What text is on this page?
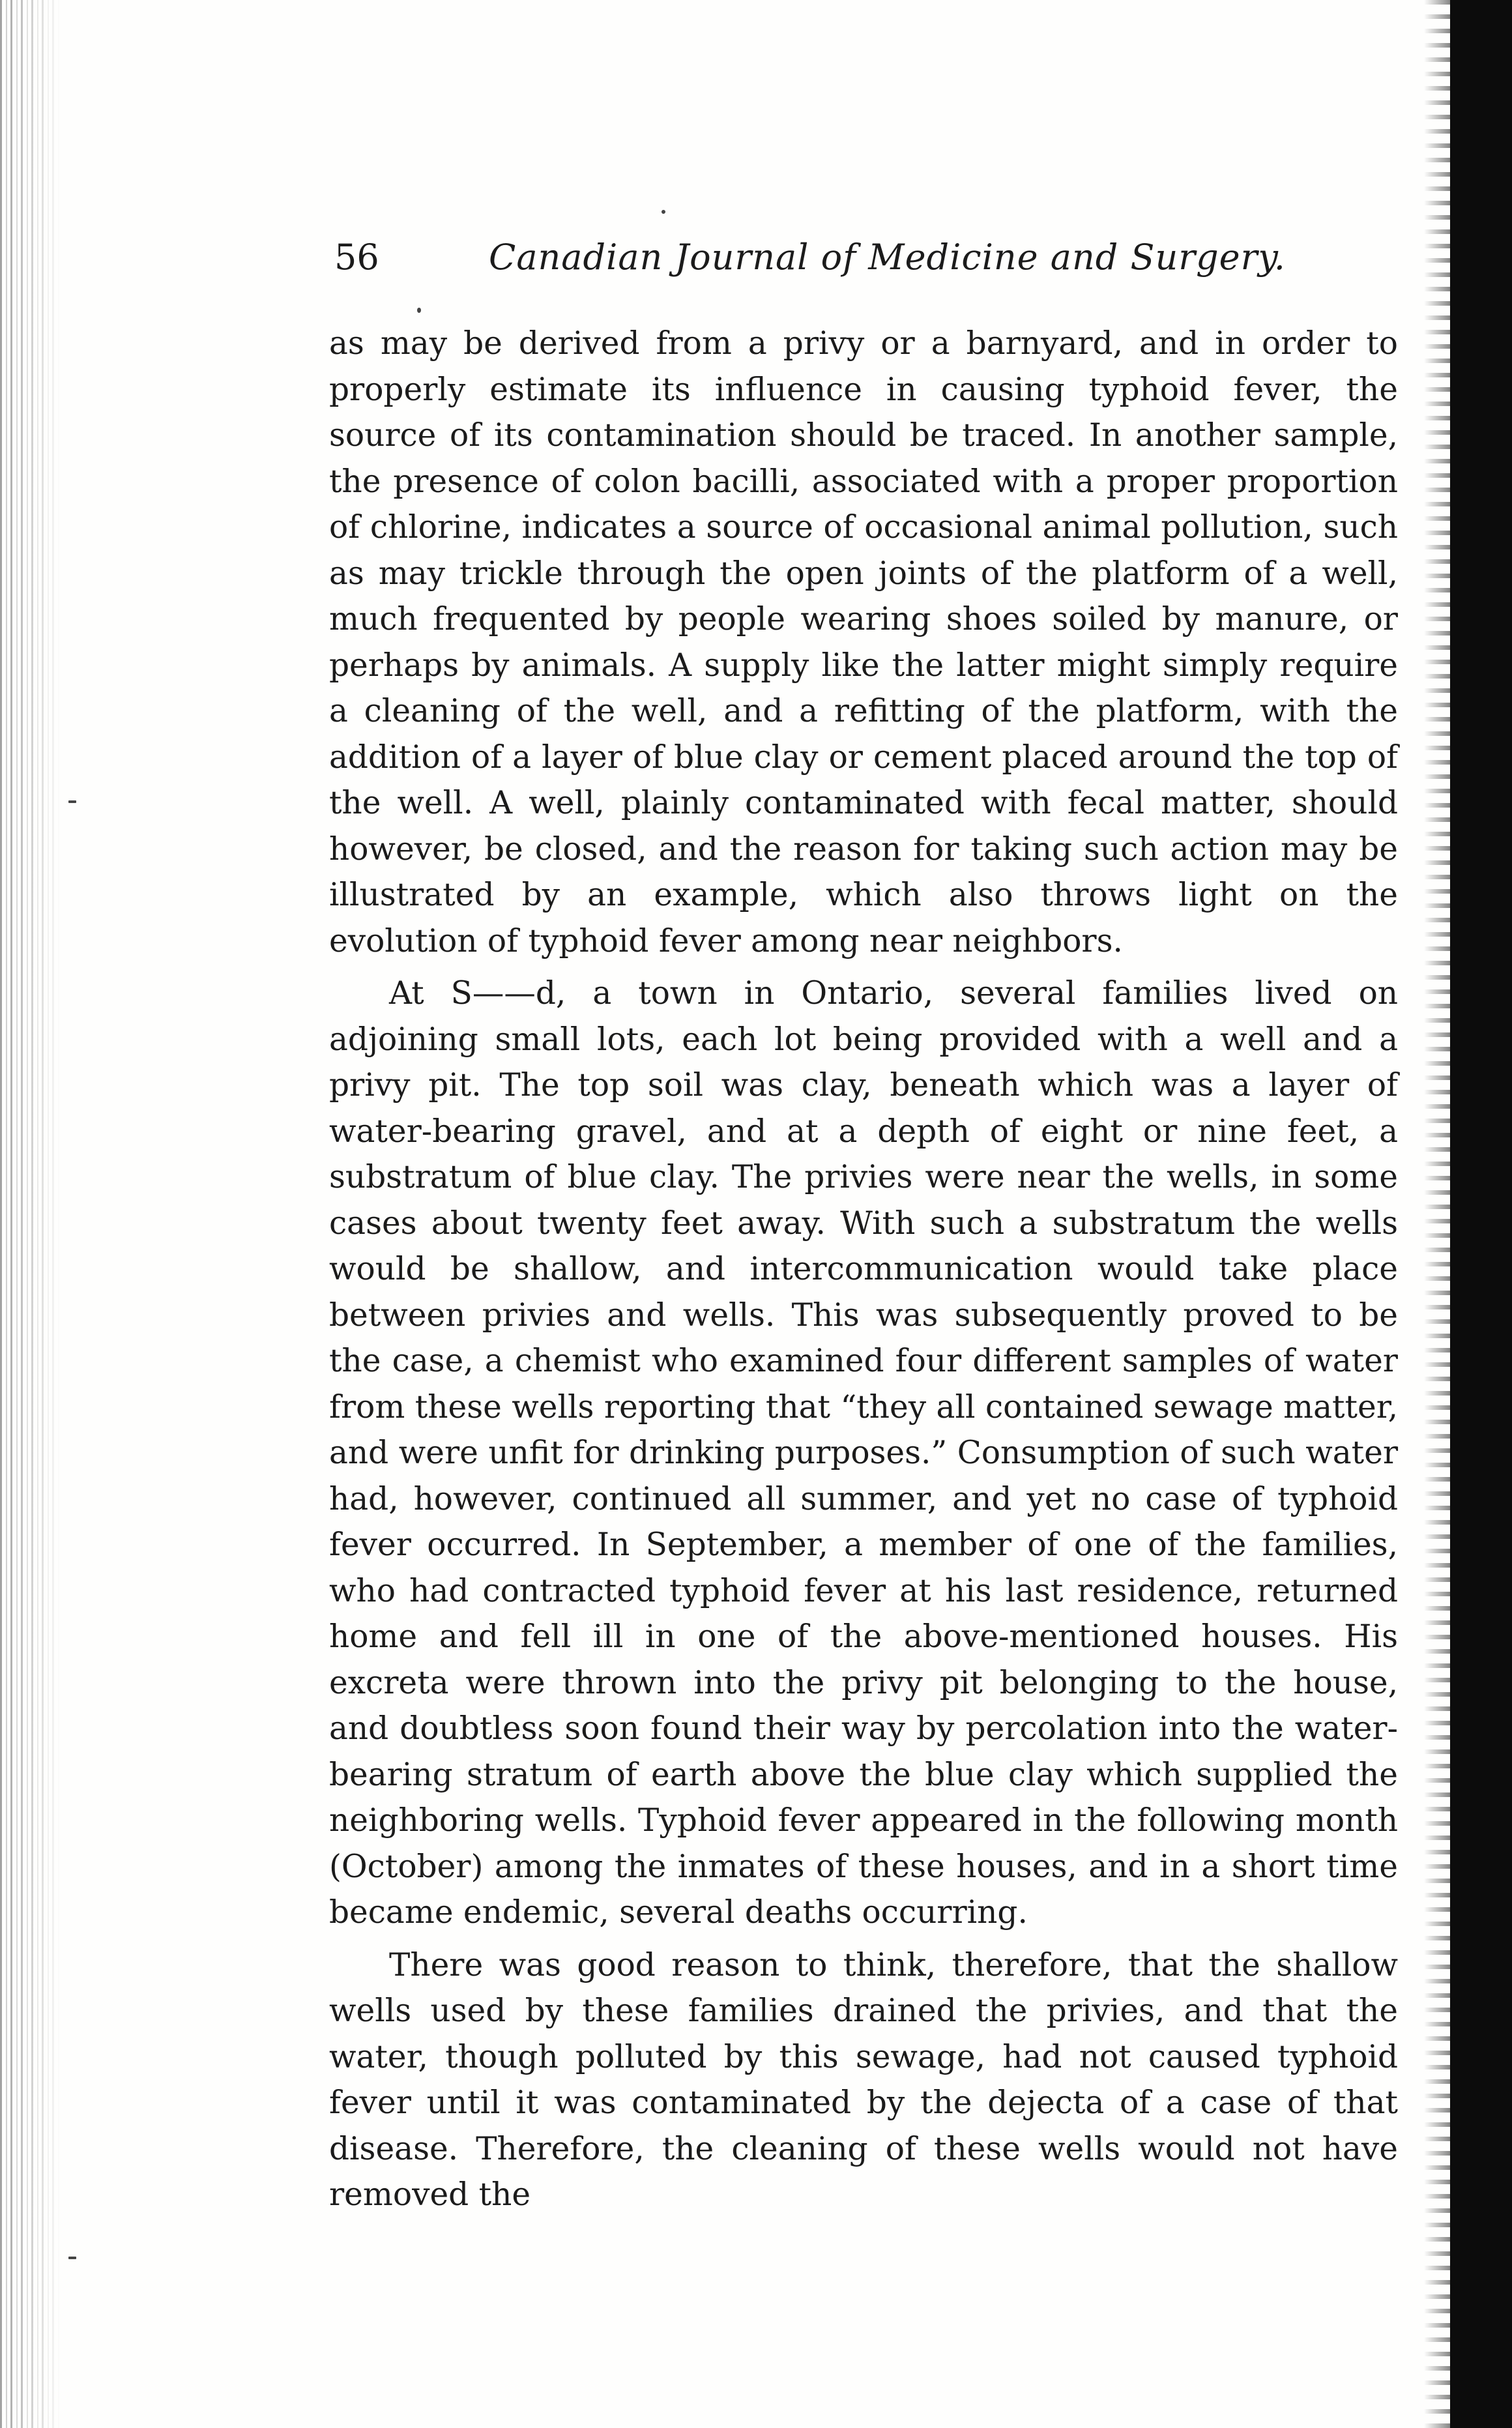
56	Canadian Journal of Medicine and Surgery.

as may be derived from a privy or a barnyard, and in order to properly estimate its influence in causing typhoid fever, the source of its contamination should be traced. In another sample, the presence of colon bacilli, associated with a proper proportion of chlorine, indicates a source of occasional animal pollution, such as may trickle through the open joints of the platform of a well, much frequented by people wearing shoes soiled by manure, or perhaps by animals. A supply like the latter might simply require a cleaning of the well, and a refitting of the platform, with the addition of a layer of blue clay or cement placed around the top of the well. A well, plainly contaminated with fecal matter, should however, be closed, and the reason for taking such action may be illustrated by an example, which also throws light on the evolution of typhoid fever among near neighbors.

At S——d, a town in Ontario, several families lived on adjoining small lots, each lot being provided with a well and a privy pit. The top soil was clay, beneath which was a layer of water-bearing gravel, and at a depth of eight or nine feet, a substratum of blue clay. The privies were near the wells, in some cases about twenty feet away. With such a substratum the wells would be shallow, and intercommunication would take place between privies and wells. This was subsequently proved to be the case, a chemist who examined four different samples of water from these wells reporting that “they all contained sewage matter, and were unfit for drinking purposes.” Consumption of such water had, however, continued all summer, and yet no case of typhoid fever occurred. In September, a member of one of the families, who had contracted typhoid fever at his last residence, returned home and fell ill in one of the above-mentioned houses. His excreta were thrown into the privy pit belonging to the house, and doubtless soon found their way by percolation into the water-bearing stratum of earth above the blue clay which supplied the neighboring wells. Typhoid fever appeared in the following month (October) among the inmates of these houses, and in a short time became endemic, several deaths occurring.

There was good reason to think, therefore, that the shallow wells used by these families drained the privies, and that the water, though polluted by this sewage, had not caused typhoid fever until it was contaminated by the dejecta of a case of that disease. Therefore, the cleaning of these wells would not have removed the
